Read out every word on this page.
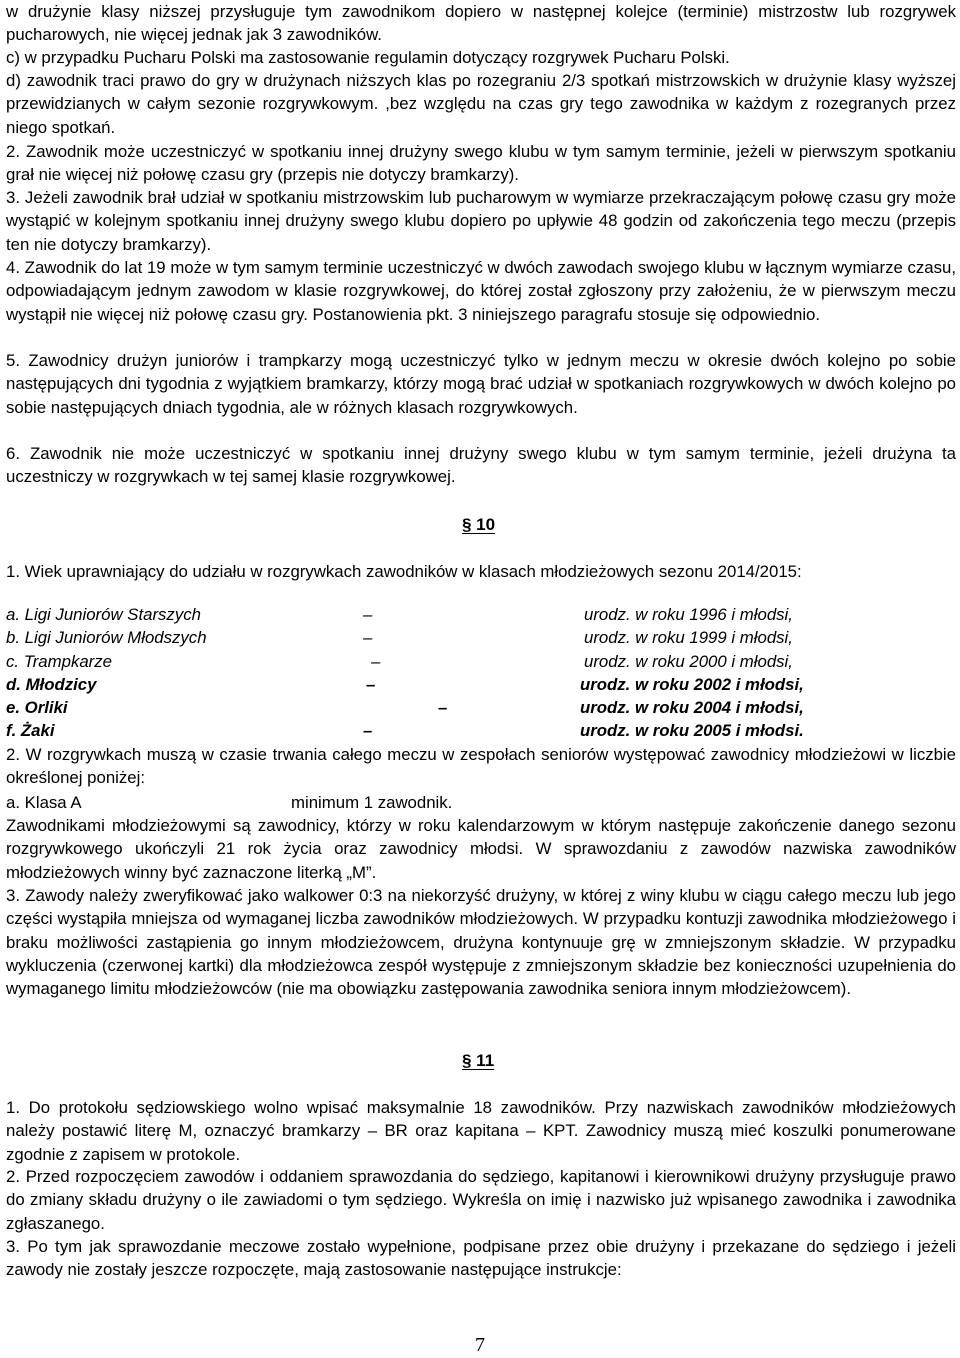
w drużynie klasy niższej przysługuje tym zawodnikom dopiero w następnej kolejce (terminie) mistrzostw lub rozgrywek pucharowych, nie więcej jednak jak 3 zawodników.

c) w przypadku Pucharu Polski ma zastosowanie regulamin dotyczący rozgrywek Pucharu Polski.

d) zawodnik traci prawo do gry w drużynach niższych klas po rozegraniu 2/3 spotkań mistrzowskich w drużynie klasy wyższej przewidzianych w całym sezonie rozgrywkowym. ,bez względu na czas gry tego zawodnika w każdym z rozegranych przez niego spotkań.

2. Zawodnik może uczestniczyć w spotkaniu innej drużyny swego klubu w tym samym terminie, jeżeli w pierwszym spotkaniu grał nie więcej niż połowę czasu gry (przepis nie dotyczy bramkarzy).

3. Jeżeli zawodnik brał udział w spotkaniu mistrzowskim lub pucharowym w wymiarze przekraczającym połowę czasu gry może wystąpić w kolejnym spotkaniu innej drużyny swego klubu dopiero po upływie 48 godzin od zakończenia tego meczu (przepis ten nie dotyczy bramkarzy).

4. Zawodnik do lat 19 może w tym samym terminie uczestniczyć w dwóch zawodach swojego klubu w łącznym wymiarze czasu, odpowiadającym jednym zawodom w klasie rozgrywkowej, do której został zgłoszony przy założeniu, że w pierwszym meczu wystąpił nie więcej niż połowę czasu gry. Postanowienia pkt. 3 niniejszego paragrafu stosuje się odpowiednio.

5. Zawodnicy drużyn juniorów i trampkarzy mogą uczestniczyć tylko w jednym meczu w okresie dwóch kolejno po sobie następujących dni tygodnia z wyjątkiem bramkarzy, którzy mogą brać udział w spotkaniach rozgrywkowych w dwóch kolejno po sobie następujących dniach tygodnia, ale w różnych klasach rozgrywkowych.

6. Zawodnik nie może uczestniczyć w spotkaniu innej drużyny swego klubu w tym samym terminie, jeżeli drużyna ta uczestniczy w rozgrywkach w tej samej klasie rozgrywkowej.

§ 10

1. Wiek uprawniający do udziału w rozgrywkach zawodników w klasach młodzieżowych sezonu 2014/2015:

a. Ligi Juniorów Starszych	–	urodz. w roku 1996 i młodsi,
b. Ligi Juniorów Młodszych	–	urodz. w roku 1999 i młodsi,
c. Trampkarze	–	urodz. w roku 2000 i młodsi,
d. Młodzicy	–	urodz. w roku 2002 i młodsi,
e. Orliki	–	urodz. w roku 2004 i młodsi,
f. Żaki	–	urodz. w roku 2005 i młodsi.

2. W rozgrywkach muszą w czasie trwania całego meczu w zespołach seniorów występować zawodnicy młodzieżowi w liczbie określonej poniżej:

a. Klasa A	minimum 1 zawodnik.

Zawodnikami młodzieżowymi są zawodnicy, którzy w roku kalendarzowym w którym następuje zakończenie danego sezonu rozgrywkowego ukończyli 21 rok życia oraz zawodnicy młodsi. W sprawozdaniu z zawodów nazwiska zawodników młodzieżowych winny być zaznaczone literką „M”.

3. Zawody należy zweryfikować jako walkower 0:3 na niekorzyść drużyny, w której z winy klubu w ciągu całego meczu lub jego części wystąpiła mniejsza od wymaganej liczba zawodników młodzieżowych. W przypadku kontuzji zawodnika młodzieżowego i braku możliwości zastąpienia go innym młodzieżowcem, drużyna kontynuuje grę w zmniejszonym składzie. W przypadku wykluczenia (czerwonej kartki) dla młodzieżowca zespół występuje z zmniejszonym składzie bez konieczności uzupełnienia do wymaganego limitu młodzieżowców (nie ma obowiązku zastępowania zawodnika seniora innym młodzieżowcem).

§ 11

1. Do protokołu sędziowskiego wolno wpisać maksymalnie 18 zawodników. Przy nazwiskach zawodników młodzieżowych należy postawić literę M, oznaczyć bramkarzy – BR oraz kapitana – KPT. Zawodnicy muszą mieć koszulki ponumerowane zgodnie z zapisem w protokole.

2. Przed rozpoczęciem zawodów i oddaniem sprawozdania do sędziego, kapitanowi i kierownikowi drużyny przysługuje prawo do zmiany składu drużyny o ile zawiadomi o tym sędziego. Wykreśla on imię i nazwisko już wpisanego zawodnika i zawodnika zgłaszanego.

3. Po tym jak sprawozdanie meczowe zostało wypełnione, podpisane przez obie drużyny i przekazane do sędziego i jeżeli zawody nie zostały jeszcze rozpoczęte, mają zastosowanie następujące instrukcje:

7
